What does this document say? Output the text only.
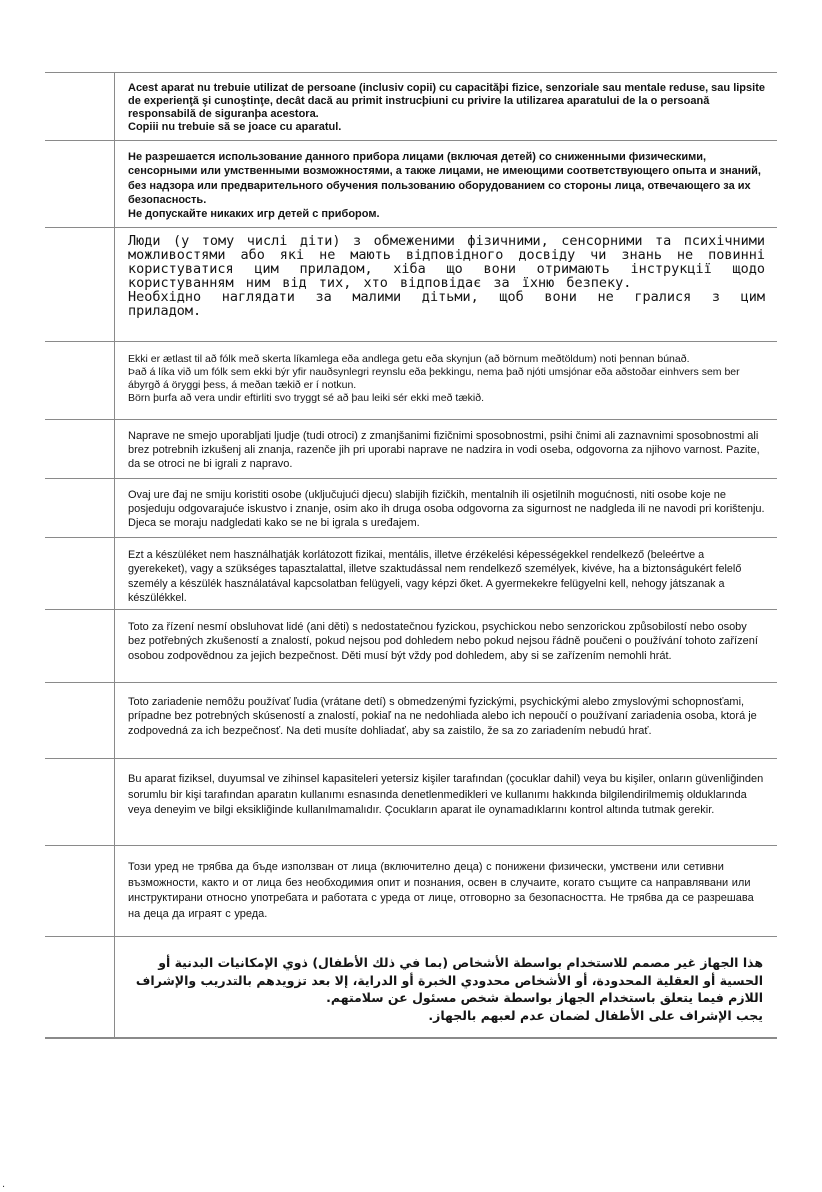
Acest aparat nu trebuie utilizat de persoane (inclusiv copii) cu capacităþi fizice, senzoriale sau mentale reduse, sau lipsite de experienţă şi cunoştinţe, decât dacă au primit instrucþiuni cu privire la utilizarea aparatului de la o persoană responsabilă de siguranþa acestora.

Copiii nu trebuie să se joace cu aparatul.

Не разрешается использование данного прибора лицами (включая детей) со сниженными физическими, сенсорными или умственными возможностями, а также лицами, не имеющими соответствующего опыта и знаний, без надзора или предварительного обучения пользованию оборудованием со стороны лица, отвечающего за их безопасность.

Не допускайте никаких игр детей с прибором.

Люди (у тому числі діти) з обмеженими фізичними, сенсорними та психічними можливостями або які не мають відповідного досвіду чи знань не повинні користуватися цим приладом, хіба що вони отримають інструкції щодо користуванням ним від тих, хто відповідає за їхню безпеку.

Необхідно наглядати за малими дітьми, щоб вони не гралися з цим приладом.

Ekki er ætlast til að fólk með skerta líkamlega eða andlega getu eða skynjun (að börnum meðtöldum) noti þennan búnað.

Það á líka við um fólk sem ekki býr yfir nauðsynlegri reynslu eða þekkingu, nema það njóti umsjónar eða aðstoðar einhvers sem ber ábyrgð á öryggi þess, á meðan tækið er í notkun.

Börn þurfa að vera undir eftirliti svo tryggt sé að þau leiki sér ekki með tækið.

Naprave ne smejo uporabljati ljudje (tudi otroci) z zmanjšanimi fizičnimi sposobnostmi, psihi čnimi ali zaznavnimi sposobnostmi ali brez potrebnih izkušenj ali znanja, razenče jih pri uporabi naprave ne nadzira in vodi oseba, odgovorna za njihovo varnost. Pazite, da se otroci ne bi igrali z napravo.

Ovaj ure đaj ne smiju koristiti osobe (uključujući djecu) slabijih fizičkih, mentalnih ili osjetilnih mogućnosti, niti osobe koje ne posjeduju odgovarajuće iskustvo i znanje, osim ako ih druga osoba odgovorna za sigurnost ne nadgleda ili ne navodi pri korištenju. Djeca se moraju nadgledati kako se ne bi igrala s uređajem.

Ezt a készüléket nem használhatják korlátozott fizikai, mentális, illetve érzékelési képességekkel rendelkező (beleértve a gyerekeket), vagy a szükséges tapasztalattal, illetve szaktudással nem rendelkező személyek, kivéve, ha a biztonságukért felelő személy a készülék használatával kapcsolatban felügyeli, vagy képzi őket. A gyermekekre felügyelni kell, nehogy játszanak a készülékkel.

Toto za řízení nesmí obsluhovat lidé (ani děti) s nedostatečnou fyzickou, psychickou nebo senzorickou způsobilostí nebo osoby bez potřebných zkušeností a znalostí, pokud nejsou pod dohledem nebo pokud nejsou řádně poučeni o používání tohoto zařízení osobou zodpovědnou za jejich bezpečnost. Děti musí být vždy pod dohledem, aby si se zařízením nemohli hrát.

Toto zariadenie nemôžu používať ľudia (vrátane detí) s obmedzenými fyzickými, psychickými alebo zmyslovými schopnosťami, prípadne bez potrebných skúseností a znalostí, pokiaľ na ne nedohliada alebo ich nepoučí o používaní zariadenia osoba, ktorá je zodpovedná za ich bezpečnosť. Na deti musíte dohliadať, aby sa zaistilo, že sa zo zariadením nebudú hrať.

Bu aparat fiziksel, duyumsal ve zihinsel kapasiteleri yetersiz kişiler tarafından (çocuklar dahil) veya bu kişiler, onların güvenliğinden sorumlu bir kişi tarafından aparatın kullanımı esnasında denetlenmedikleri ve kullanımı hakkında bilgilendirilmemiş olduklarında veya deneyim ve bilgi eksikliğinde kullanılmamalıdır. Çocukların aparat ile oynamadıklarını kontrol altında tutmak gerekir.

Този уред не трябва да бъде използван от лица (включително деца) с понижени физически, умствени или сетивни възможности, както и от лица без необходимия опит и познания, освен в случаите, когато същите са направлявани или инструктирани относно употребата и работата с уреда от лице, отговорно за безопасността. Не трябва да се разрешава на деца да играят с уреда.

هذا الجهاز غير مصمم للاستخدام بواسطة الأشخاص (بما في ذلك الأطفال) ذوي الإمكانيات البدنية أو الحسية أو العقلية المحدودة، أو الأشخاص محدودي الخبرة أو الدراية، إلا بعد تزويدهم بالتدريب والإشراف اللازم فيما يتعلق باستخدام الجهاز بواسطة شخص مسئول عن سلامتهم.

يجب الإشراف على الأطفال لضمان عدم لعبهم بالجهاز.

.
